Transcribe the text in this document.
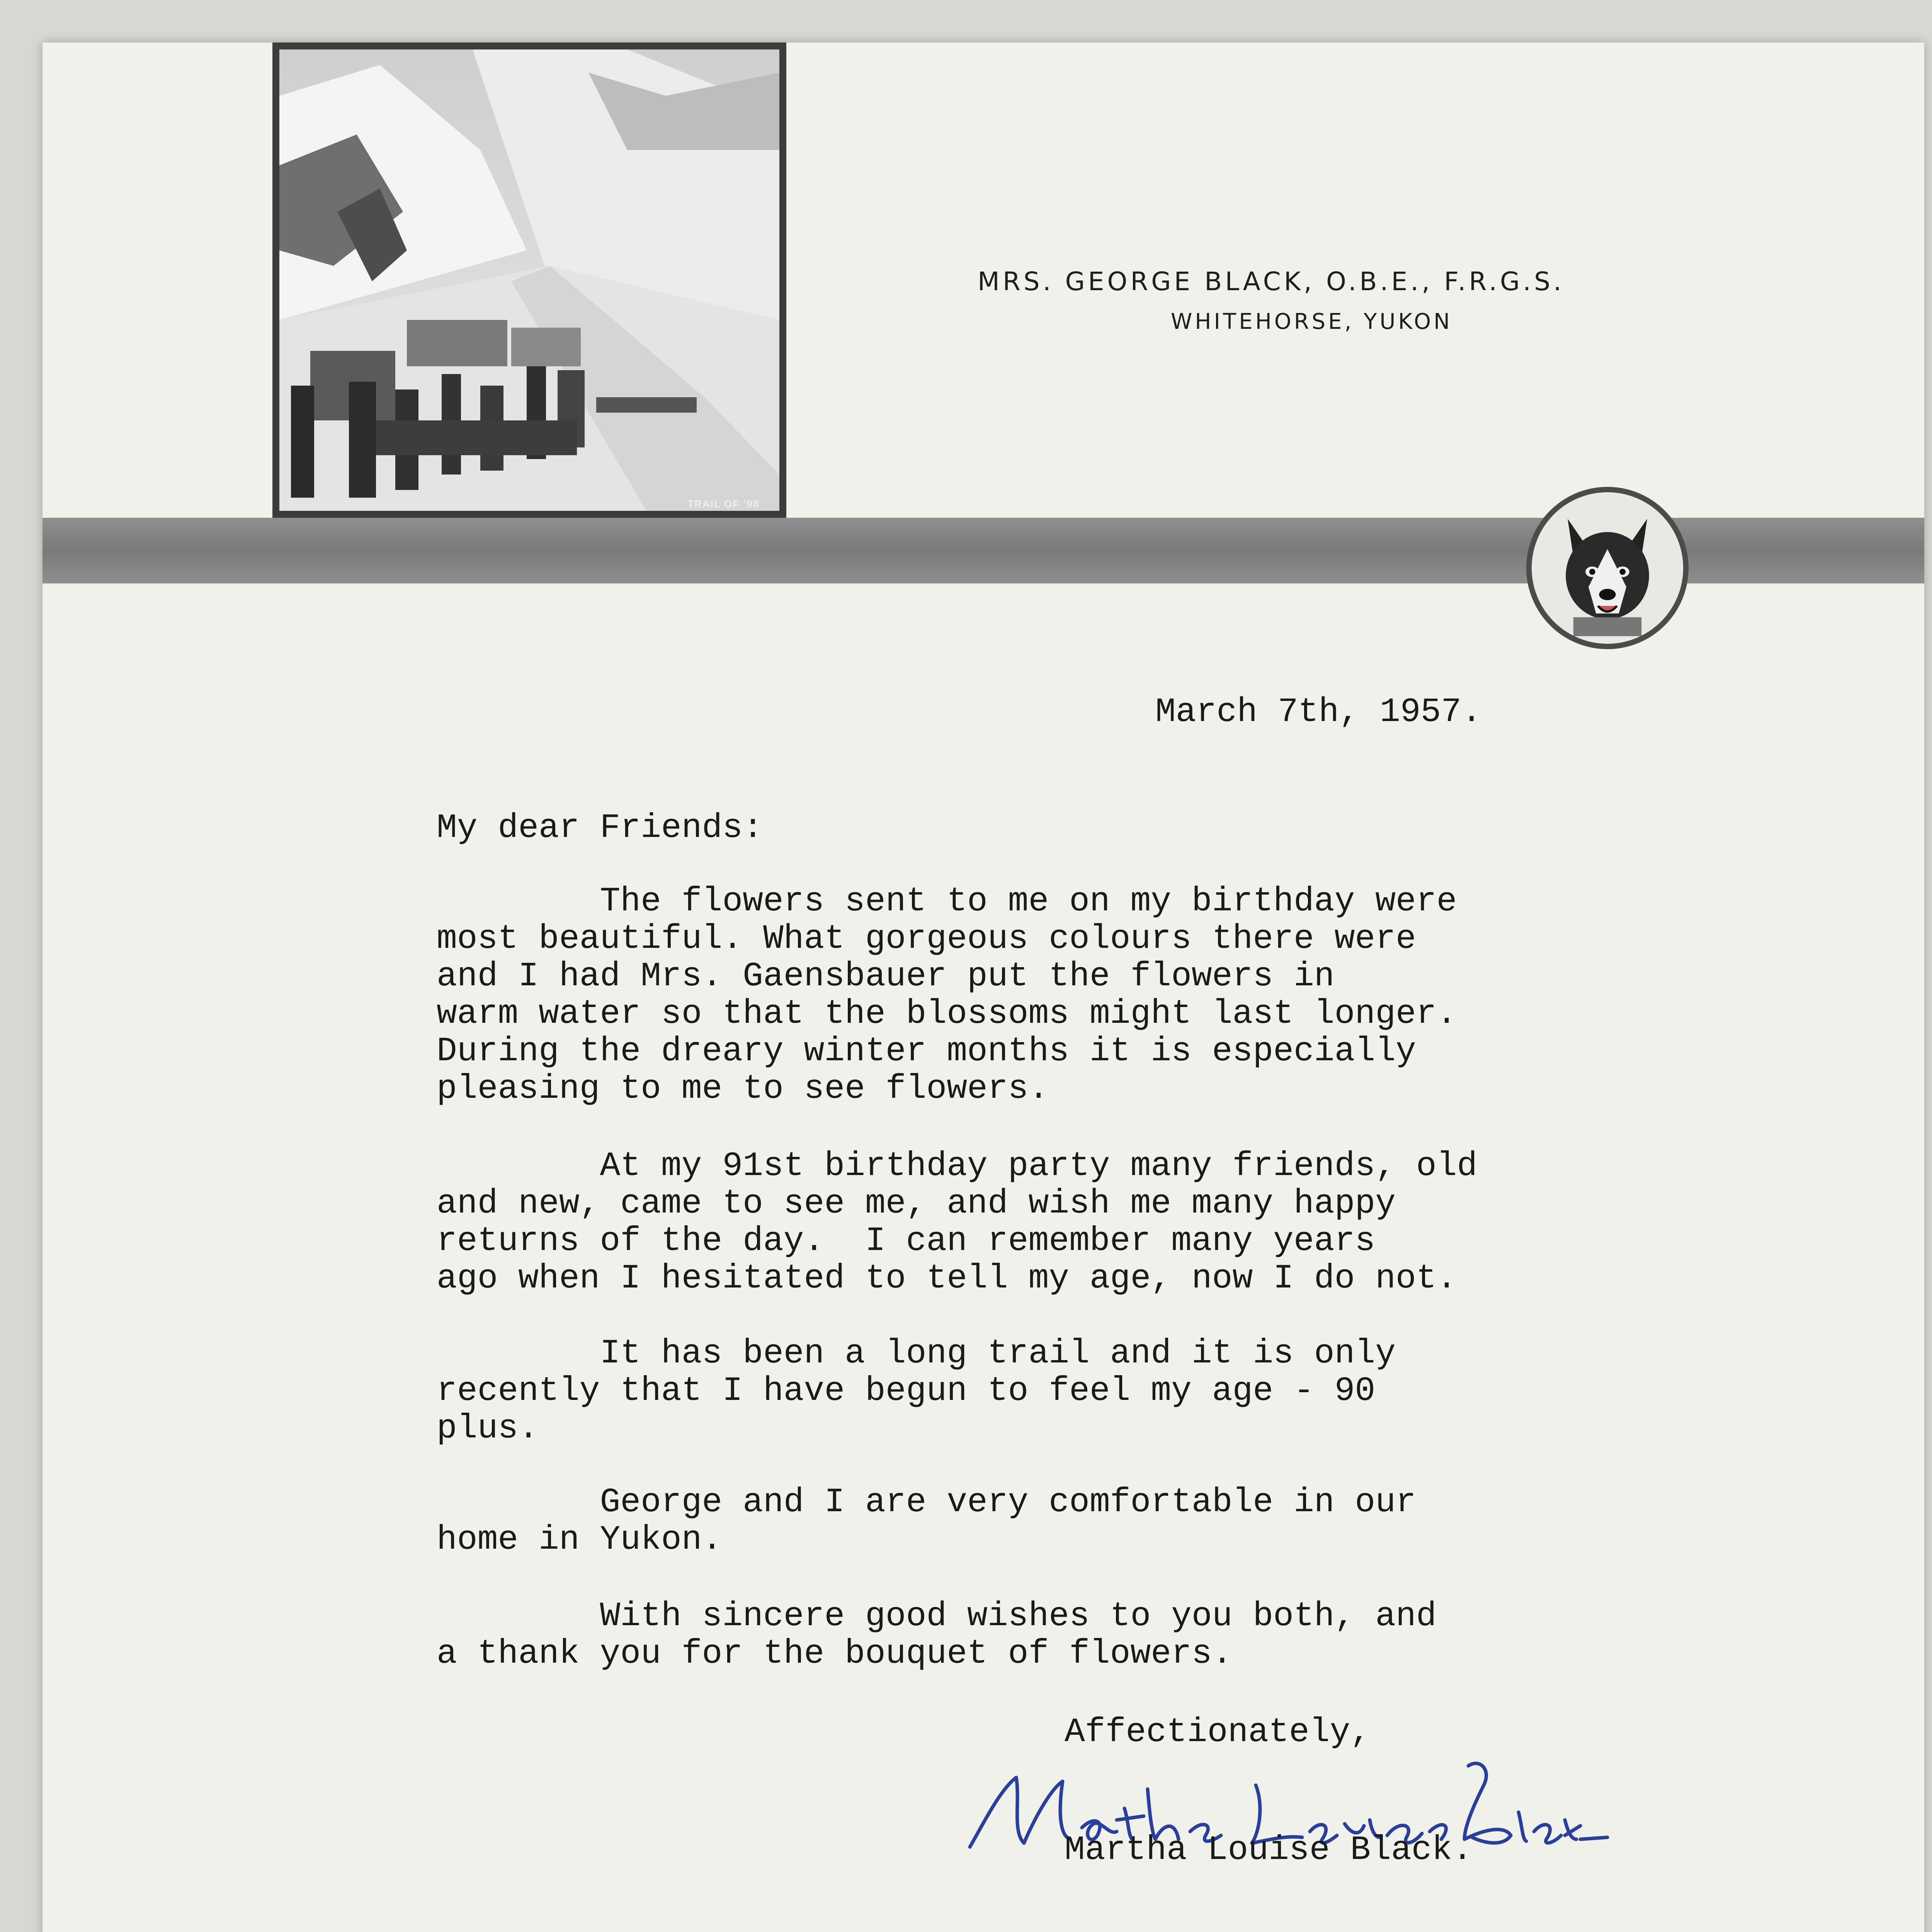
TRAIL OF '98
MRS. GEORGE BLACK, O.B.E., F.R.G.S.
WHITEHORSE, YUKON
March 7th, 1957.
My dear Friends:
The flowers sent to me on my birthday were
most beautiful. What gorgeous colours there were
and I had Mrs. Gaensbauer put the flowers in
warm water so that the blossoms might last longer.
During the dreary winter months it is especially
pleasing to me to see flowers.
At my 91st birthday party many friends, old
and new, came to see me, and wish me many happy
returns of the day.  I can remember many years
ago when I hesitated to tell my age, now I do not.
It has been a long trail and it is only
recently that I have begun to feel my age - 90
plus.
George and I are very comfortable in our
home in Yukon.
With sincere good wishes to you both, and
a thank you for the bouquet of flowers.
Affectionately,
Martha Louise Black.
